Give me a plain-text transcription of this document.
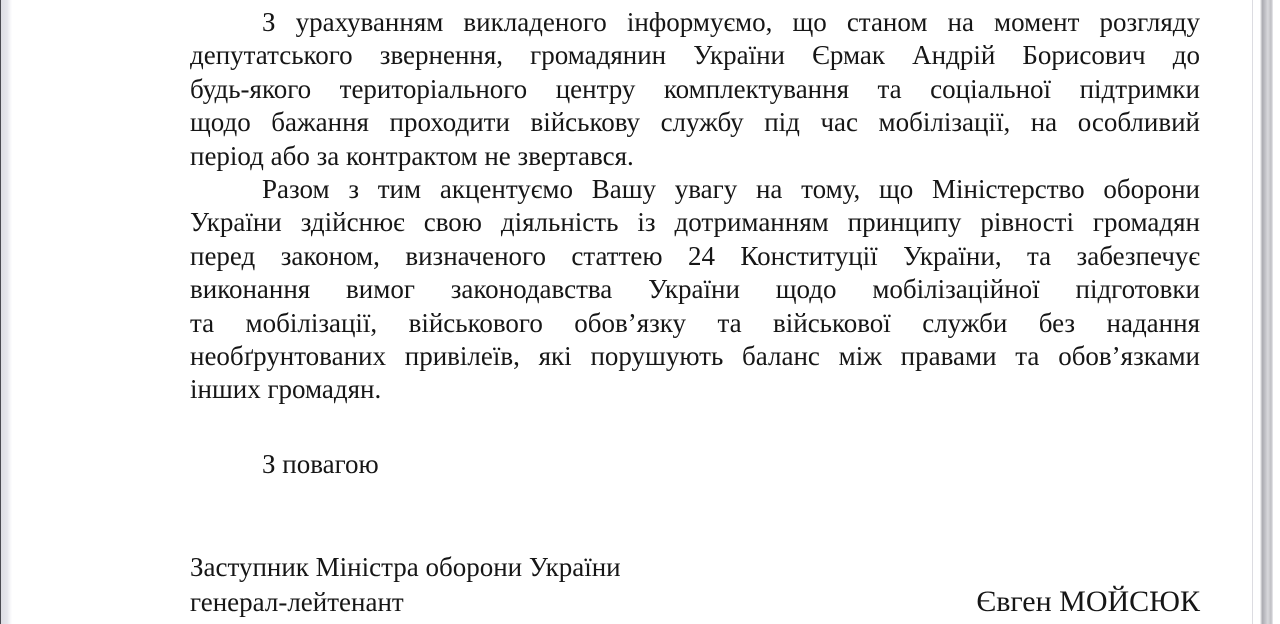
З урахуванням викладеного інформуємо, що станом на момент розгляду
депутатського звернення, громадянин України Єрмак Андрій Борисович до
будь-якого територіального центру комплектування та соціальної підтримки
щодо бажання проходити військову службу під час мобілізації, на особливий
період або за контрактом не звертався.
Разом з тим акцентуємо Вашу увагу на тому, що Міністерство оборони
України здійснює свою діяльність із дотриманням принципу рівності громадян
перед законом, визначеного статтею 24 Конституції України, та забезпечує
виконання вимог законодавства України щодо мобілізаційної підготовки
та мобілізації, військового обов’язку та військової служби без надання
необґрунтованих привілеїв, які порушують баланс між правами та обов’язками
інших громадян.
З повагою
Заступник Міністра оборони України
генерал-лейтенант	Євген МОЙСЮК
